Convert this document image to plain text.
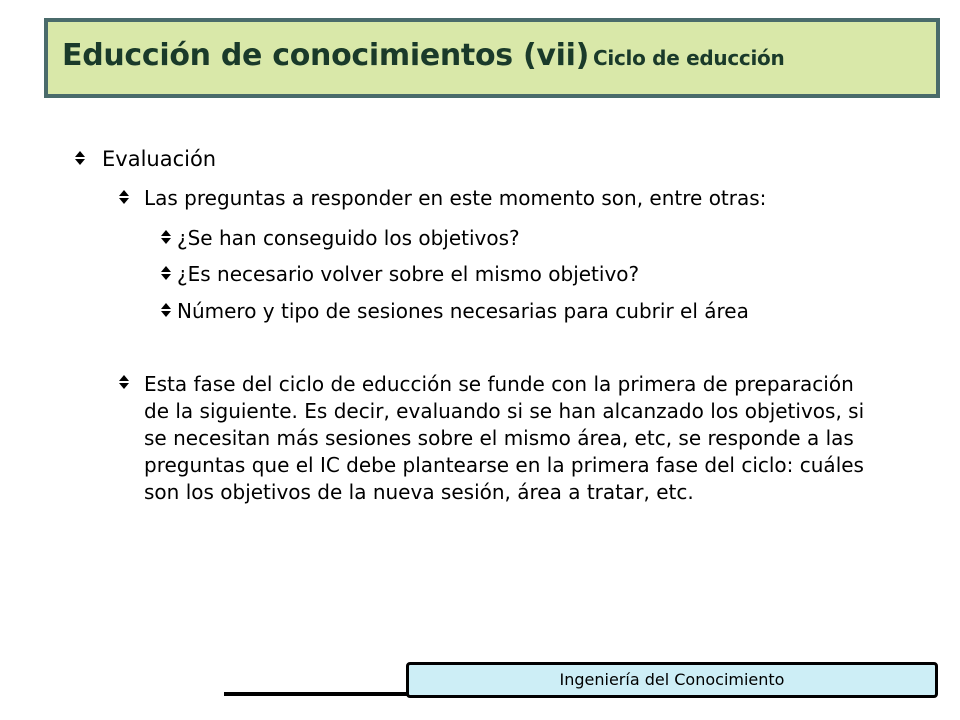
Educción de conocimientos (vii) Ciclo de educción
Evaluación
Las preguntas a responder en este momento son, entre otras:
¿Se han conseguido los objetivos?
¿Es necesario volver sobre el mismo objetivo?
Número y tipo de sesiones necesarias para cubrir el área
Esta fase del ciclo de educción se funde con la primera de preparación de la siguiente. Es decir, evaluando si se han alcanzado los objetivos, si se necesitan más sesiones sobre el mismo área, etc, se responde a las preguntas que el IC debe plantearse en la primera fase del ciclo: cuáles son los objetivos de la nueva sesión, área a tratar, etc.
Ingeniería del Conocimiento
